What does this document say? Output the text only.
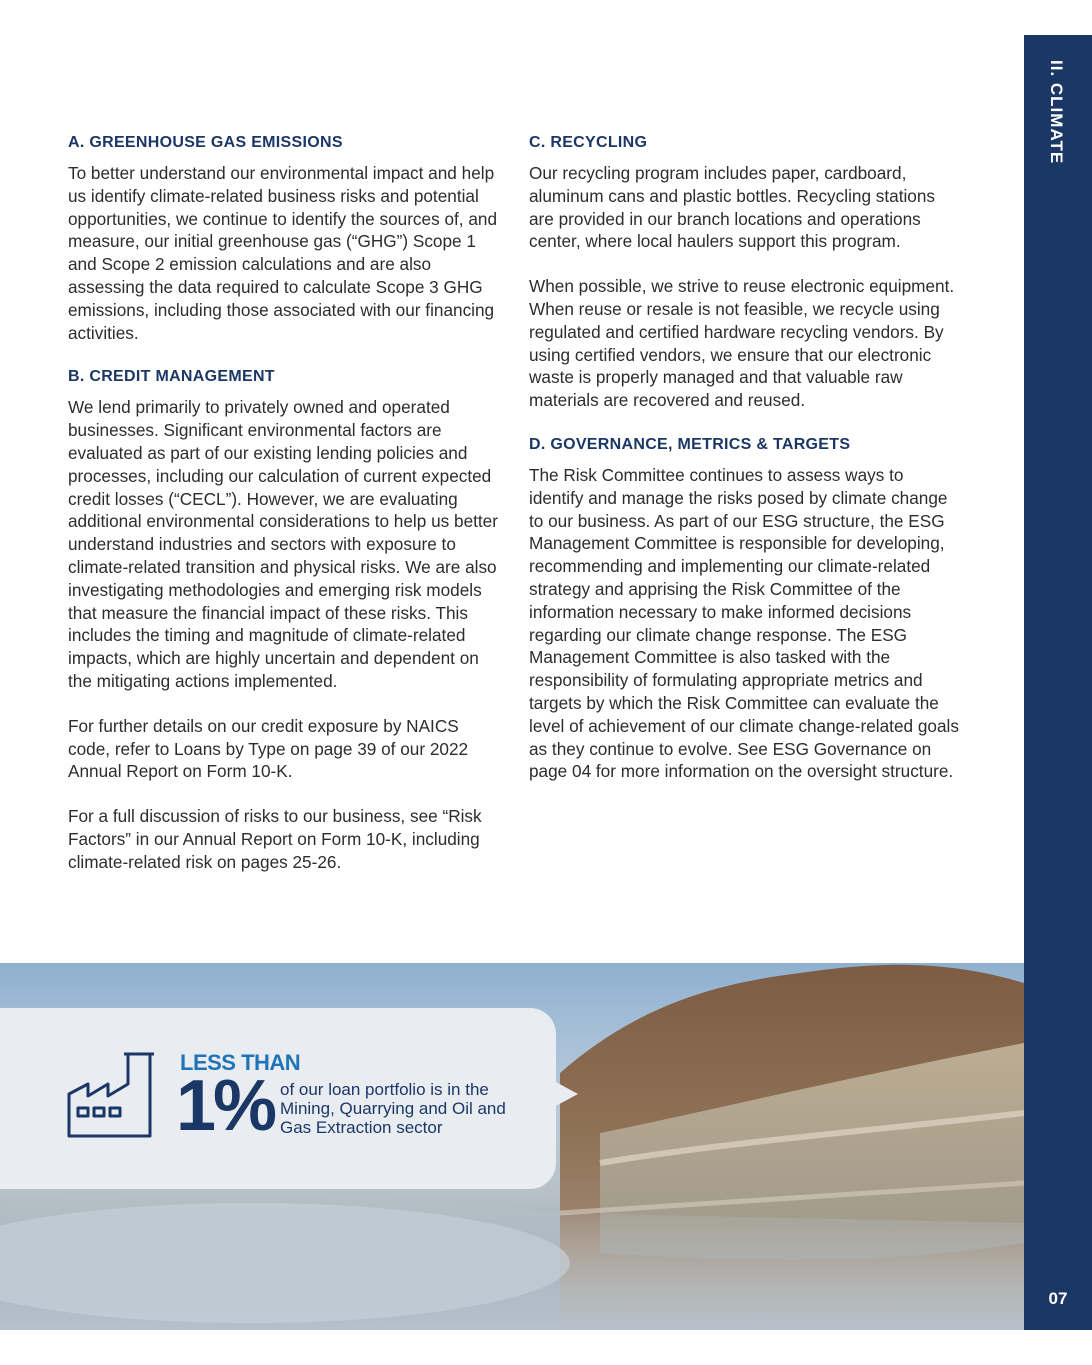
II. CLIMATE
07
A. GREENHOUSE GAS EMISSIONS

To better understand our environmental impact and help us identify climate-related business risks and potential opportunities, we continue to identify the sources of, and measure, our initial greenhouse gas (“GHG”) Scope 1 and Scope 2 emission calculations and are also assessing the data required to calculate Scope 3 GHG emissions, including those associated with our financing activities.

B. CREDIT MANAGEMENT

We lend primarily to privately owned and operated businesses. Significant environmental factors are evaluated as part of our existing lending policies and processes, including our calculation of current expected credit losses (“CECL”). However, we are evaluating additional environmental considerations to help us better understand industries and sectors with exposure to climate-related transition and physical risks. We are also investigating methodologies and emerging risk models that measure the financial impact of these risks. This includes the timing and magnitude of climate-related impacts, which are highly uncertain and dependent on the mitigating actions implemented.

For further details on our credit exposure by NAICS code, refer to Loans by Type on page 39 of our 2022 Annual Report on Form 10-K.

For a full discussion of risks to our business, see “Risk Factors” in our Annual Report on Form 10-K, including climate-related risk on pages 25-26.

C. RECYCLING

Our recycling program includes paper, cardboard, aluminum cans and plastic bottles. Recycling stations are provided in our branch locations and operations center, where local haulers support this program.

When possible, we strive to reuse electronic equipment. When reuse or resale is not feasible, we recycle using regulated and certified hardware recycling vendors. By using certified vendors, we ensure that our electronic waste is properly managed and that valuable raw materials are recovered and reused.

D. GOVERNANCE, METRICS & TARGETS

The Risk Committee continues to assess ways to identify and manage the risks posed by climate change to our business. As part of our ESG structure, the ESG Management Committee is responsible for developing, recommending and implementing our climate-related strategy and apprising the Risk Committee of the information necessary to make informed decisions regarding our climate change response. The ESG Management Committee is also tasked with the responsibility of formulating appropriate metrics and targets by which the Risk Committee can evaluate the level of achievement of our climate change-related goals as they continue to evolve. See ESG Governance on page 04 for more information on the oversight structure.

LESS THAN

1% of our loan portfolio is in the Mining, Quarrying and Oil and Gas Extraction sector
